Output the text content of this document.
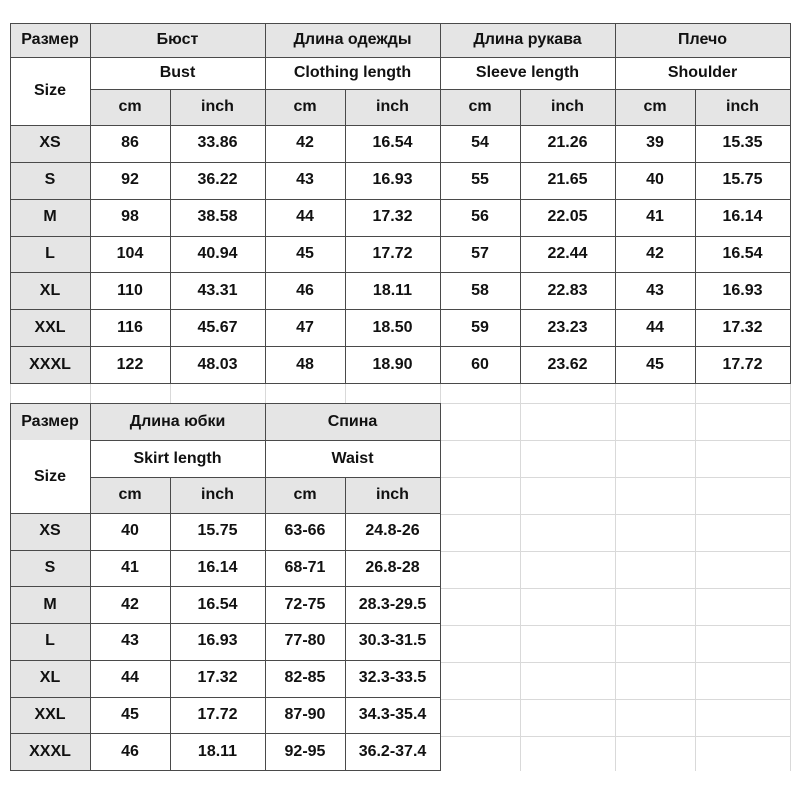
Размер	Бюст	Длина одежды	Длина рукава	Плечо
Size
Bust	Clothing length	Sleeve length	Shoulder
cm	inch	cm	inch	cm	inch	cm	inch
XS	86	33.86	42	16.54	54	21.26	39	15.35
S	92	36.22	43	16.93	55	21.65	40	15.75
M	98	38.58	44	17.32	56	22.05	41	16.14
L	104	40.94	45	17.72	57	22.44	42	16.54
XL	110	43.31	46	18.11	58	22.83	43	16.93
XXL	116	45.67	47	18.50	59	23.23	44	17.32
XXXL	122	48.03	48	18.90	60	23.62	45	17.72
Размер	Длина юбки	Спина
Size
Skirt length	Waist
cm	inch	cm	inch
XS	40	15.75	63-66	24.8-26
S	41	16.14	68-71	26.8-28
M	42	16.54	72-75	28.3-29.5
L	43	16.93	77-80	30.3-31.5
XL	44	17.32	82-85	32.3-33.5
XXL	45	17.72	87-90	34.3-35.4
XXXL	46	18.11	92-95	36.2-37.4
